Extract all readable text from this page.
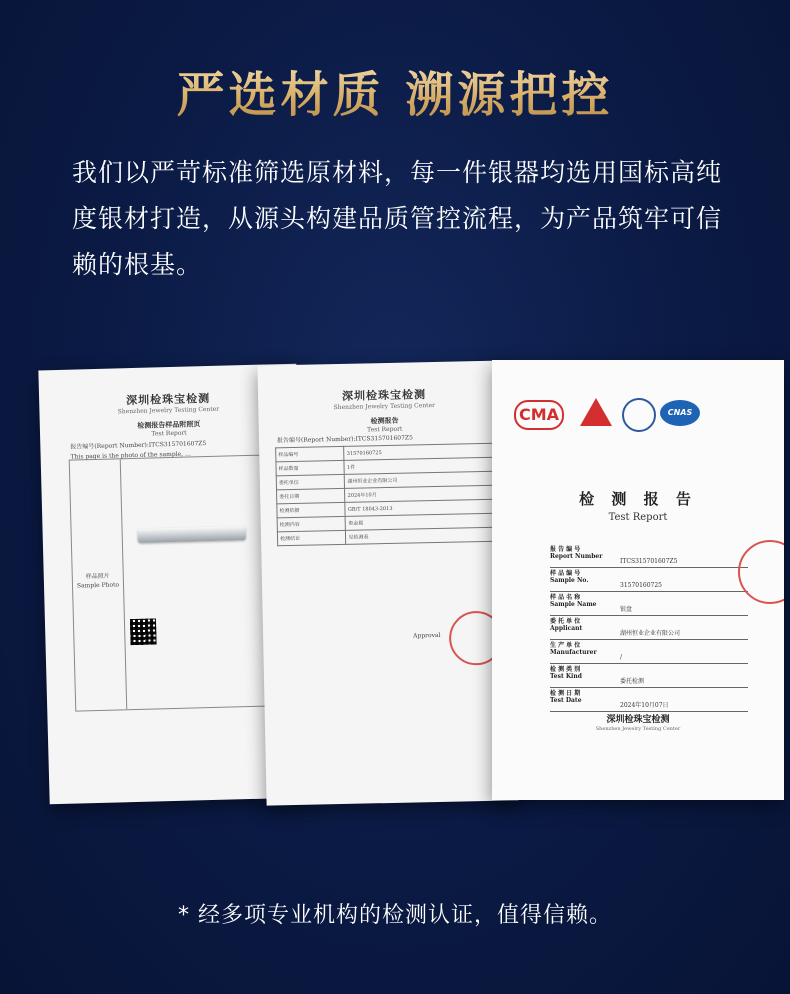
严选材质 溯源把控
我们以严苛标准筛选原材料，每一件银器均选用国标高纯度银材打造，从源头构建品质管控流程，为产品筑牢可信赖的根基。
深圳检珠宝检测
Shenzhen Jewelry Testing Center
检测报告样品附照页
Test Report
报告编号(Report Number):ITCS315701607Z5
This page is the photo of the sample, …
样品照片
Sample Photo
深圳检珠宝检测
Shenzhen Jewelry Testing Center
检测报告
Test Report
报告编号(Report Number):ITCS315701607Z5
样品编号	31570160725
样品数量	1件
委托单位	湖州恒业企业有限公司
委托日期	2024年10月
检测依据	GB/T 18043-2013
检测内容	贵金属
检测结论	见检测表
Approval
CMA	CNAS
检 测 报 告
Test Report
报 告 编 号
Report Number
ITCS315701607Z5
样 品 编 号
Sample No.
31570160725
样 品 名 称
Sample Name
银盘
委 托 单 位
Applicant
湖州恒业企业有限公司
生 产 单 位
Manufacturer
/
检 测 类 别
Test Kind
委托检测
检 测 日 期
Test Date
2024年10月07日
深圳检珠宝检测
Shenzhen Jewelry Testing Center
* 经多项专业机构的检测认证，值得信赖。
